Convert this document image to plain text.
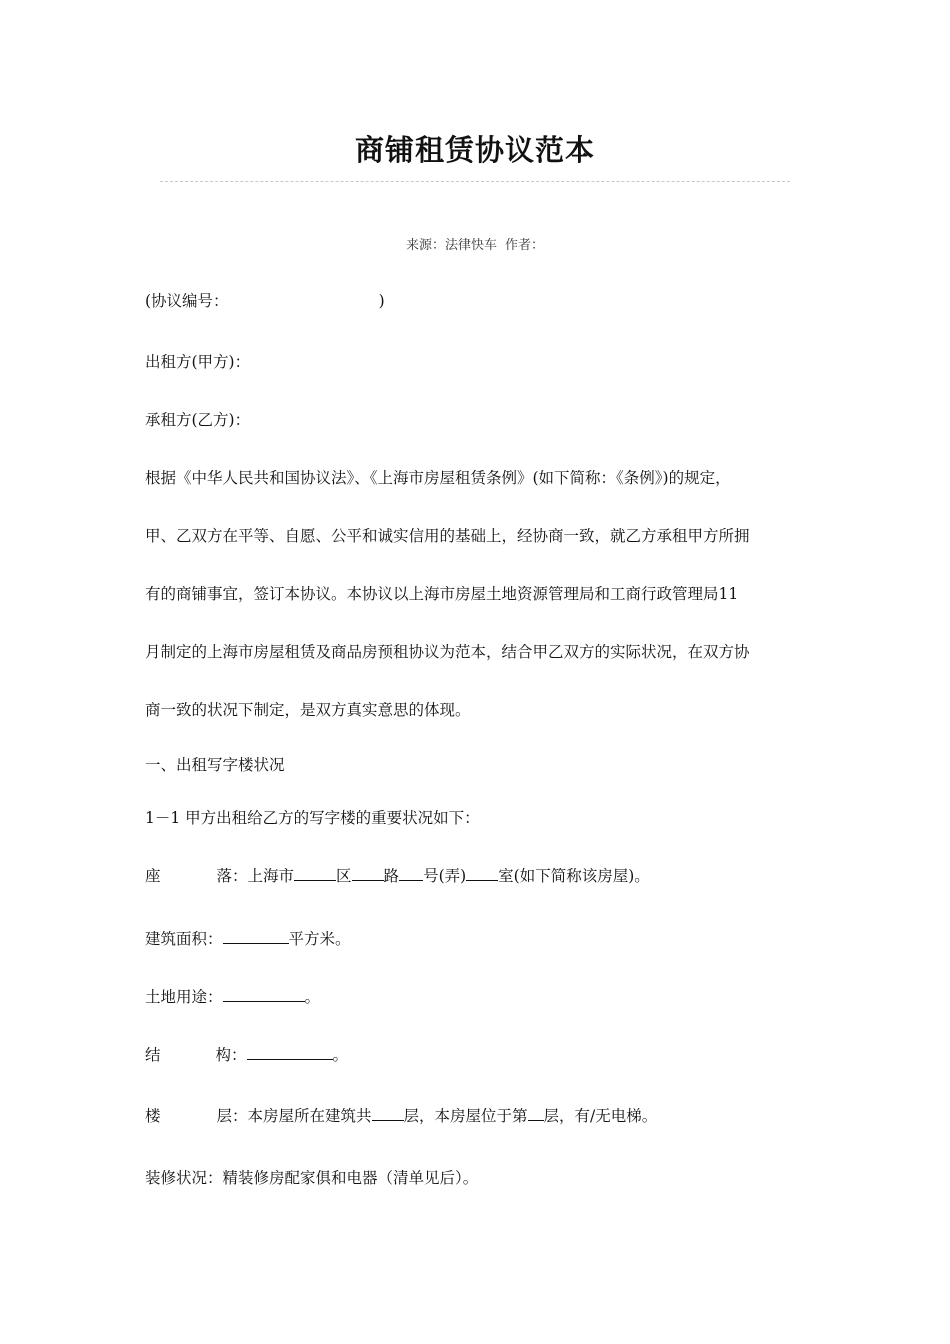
商铺租赁协议范本
来源：法律快车 作者：
(协议编号：	)
出租方(甲方)：
承租方(乙方)：
根据《中华人民共和国协议法》、《上海市房屋租赁条例》(如下简称：《条例》)的规定，
甲、乙双方在平等、自愿、公平和诚实信用的基础上，经协商一致，就乙方承租甲方所拥
有的商铺事宜，签订本协议。本协议以上海市房屋土地资源管理局和工商行政管理局11
月制定的上海市房屋租赁及商品房预租协议为范本，结合甲乙双方的实际状况，在双方协
商一致的状况下制定，是双方真实意思的体现。
一、出租写字楼状况
1－1 甲方出租给乙方的写字楼的重要状况如下：
座	落：上海市	区 路 号(弄) 室(如下简称该房屋)。
建筑面积：	平方米。
土地用途：	。
结	构：	。
楼	层：本房屋所在建筑共 层，本房屋位于第 层，有/无电梯。
装修状况：精装修房配家俱和电器（清单见后）。
